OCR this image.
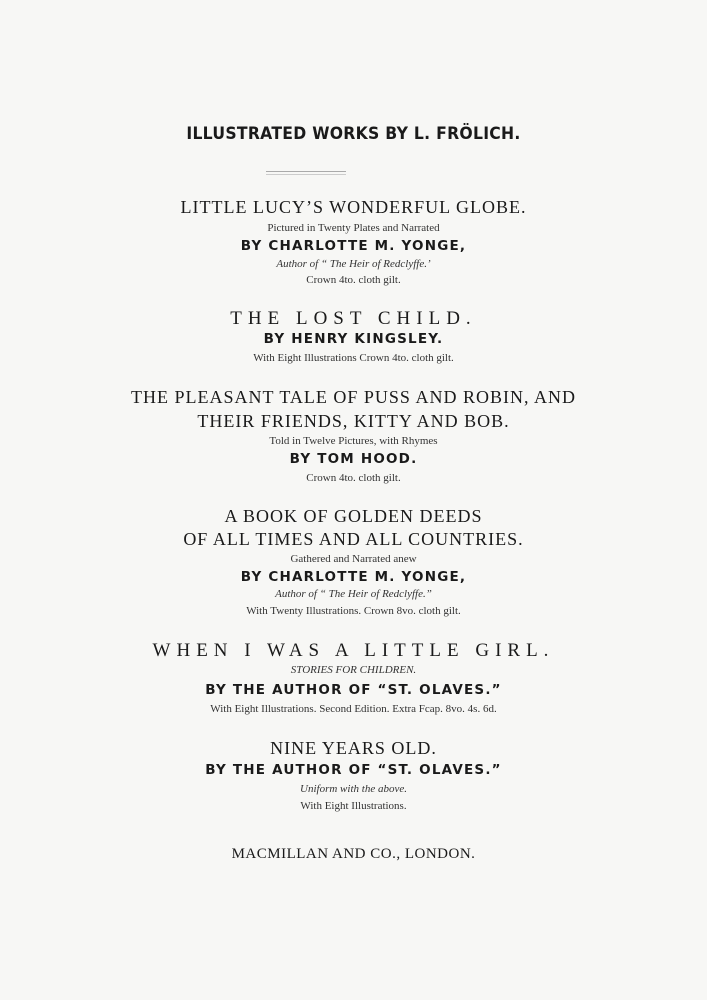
ILLUSTRATED WORKS BY L. FRÖLICH.
LITTLE LUCY’S WONDERFUL GLOBE.
Pictured in Twenty Plates and Narrated
BY CHARLOTTE M. YONGE,
Author of “ The Heir of Redclyffe.’
Crown 4to. cloth gilt.
THE LOST CHILD.
BY HENRY KINGSLEY.
With Eight Illustrations Crown 4to. cloth gilt.
THE PLEASANT TALE OF PUSS AND ROBIN, AND
THEIR FRIENDS, KITTY AND BOB.
Told in Twelve Pictures, with Rhymes
BY TOM HOOD.
Crown 4to. cloth gilt.
A BOOK OF GOLDEN DEEDS
OF ALL TIMES AND ALL COUNTRIES.
Gathered and Narrated anew
BY CHARLOTTE M. YONGE,
Author of “ The Heir of Redclyffe.”
With Twenty Illustrations. Crown 8vo. cloth gilt.
WHEN I WAS A LITTLE GIRL.
STORIES FOR CHILDREN.
BY THE AUTHOR OF “ST. OLAVES.”
With Eight Illustrations. Second Edition. Extra Fcap. 8vo. 4s. 6d.
NINE YEARS OLD.
BY THE AUTHOR OF “ST. OLAVES.”
Uniform with the above.
With Eight Illustrations.
MACMILLAN AND CO., LONDON.
